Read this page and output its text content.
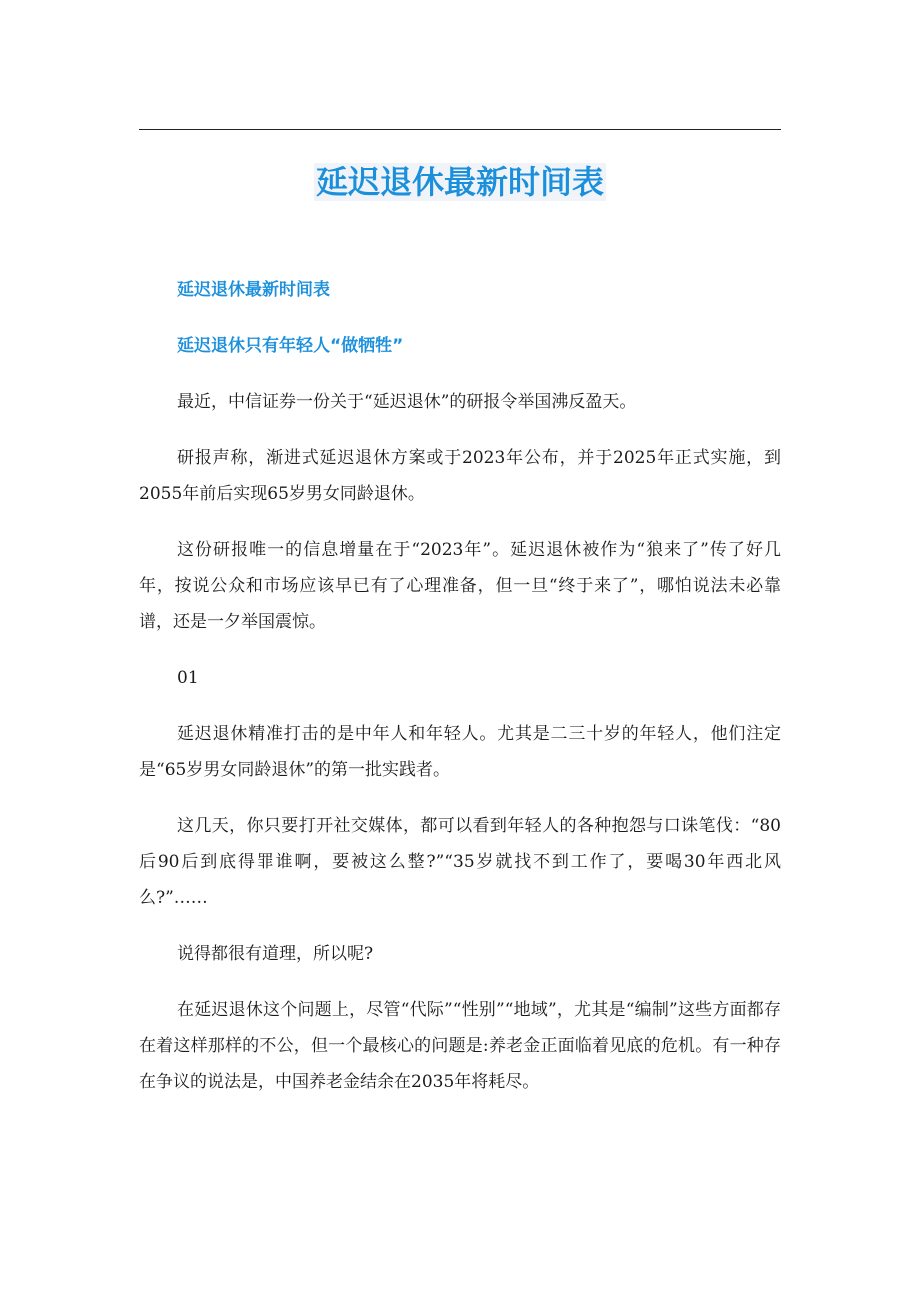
延迟退休最新时间表

延迟退休最新时间表

延迟退休只有年轻人“做牺牲”

最近，中信证券一份关于“延迟退休”的研报令举国沸反盈天。

研报声称，渐进式延迟退休方案或于2023年公布，并于2025年正式实施，到2055年前后实现65岁男女同龄退休。

这份研报唯一的信息增量在于“2023年”。延迟退休被作为“狼来了”传了好几年，按说公众和市场应该早已有了心理准备，但一旦“终于来了”，哪怕说法未必靠谱，还是一夕举国震惊。

01

延迟退休精准打击的是中年人和年轻人。尤其是二三十岁的年轻人，他们注定是“65岁男女同龄退休”的第一批实践者。

这几天，你只要打开社交媒体，都可以看到年轻人的各种抱怨与口诛笔伐：“80后90后到底得罪谁啊，要被这么整?”“35岁就找不到工作了，要喝30年西北风么?”……

说得都很有道理，所以呢?

在延迟退休这个问题上，尽管“代际”“性别”“地域”，尤其是“编制”这些方面都存在着这样那样的不公，但一个最核心的问题是:养老金正面临着见底的危机。有一种存在争议的说法是，中国养老金结余在2035年将耗尽。
